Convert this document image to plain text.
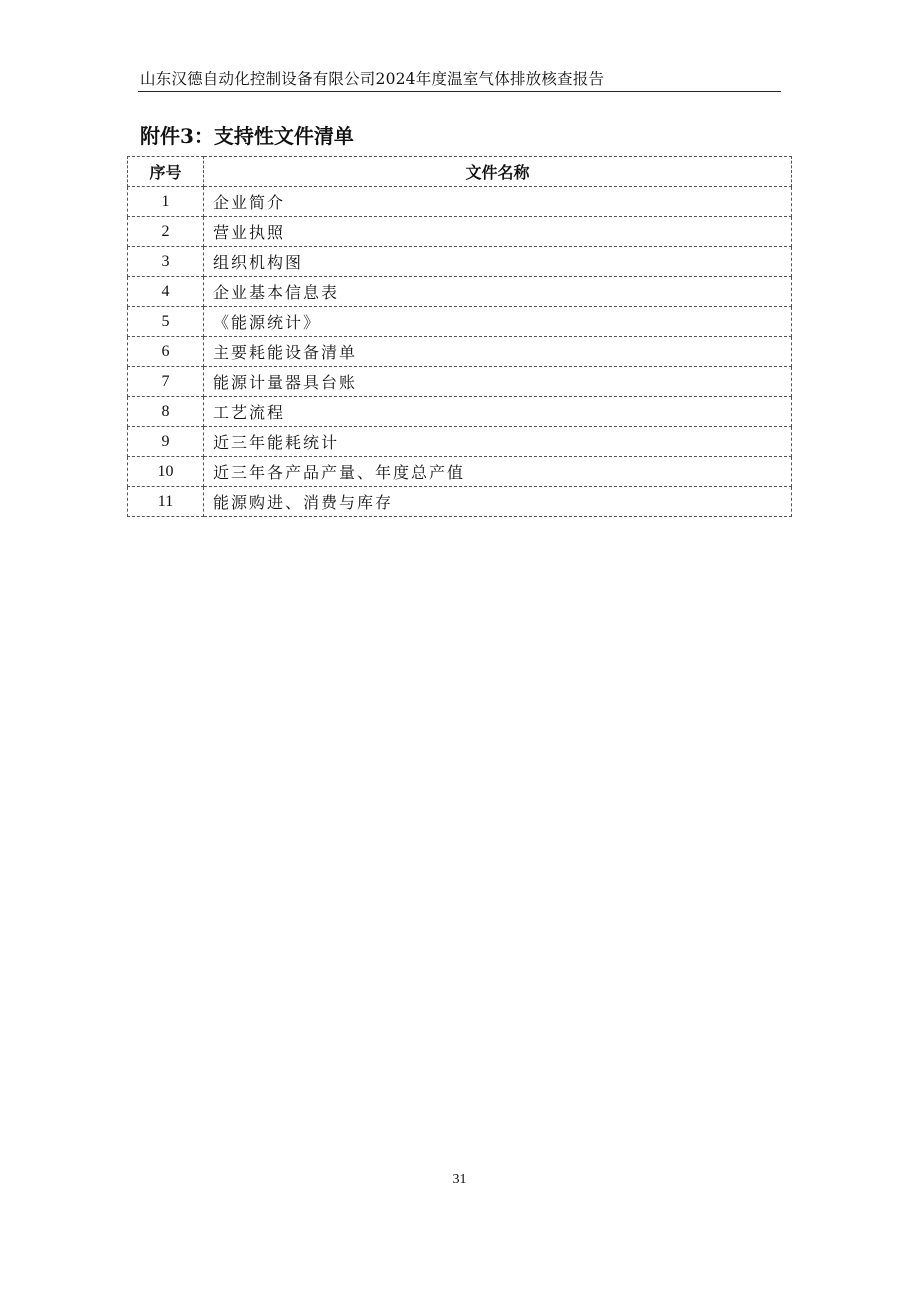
山东汉德自动化控制设备有限公司2024年度温室气体排放核查报告
附件3：支持性文件清单
序号	文件名称
1	企业简介
2	营业执照
3	组织机构图
4	企业基本信息表
5	《能源统计》
6	主要耗能设备清单
7	能源计量器具台账
8	工艺流程
9	近三年能耗统计
10	近三年各产品产量、年度总产值
11	能源购进、消费与库存
31
